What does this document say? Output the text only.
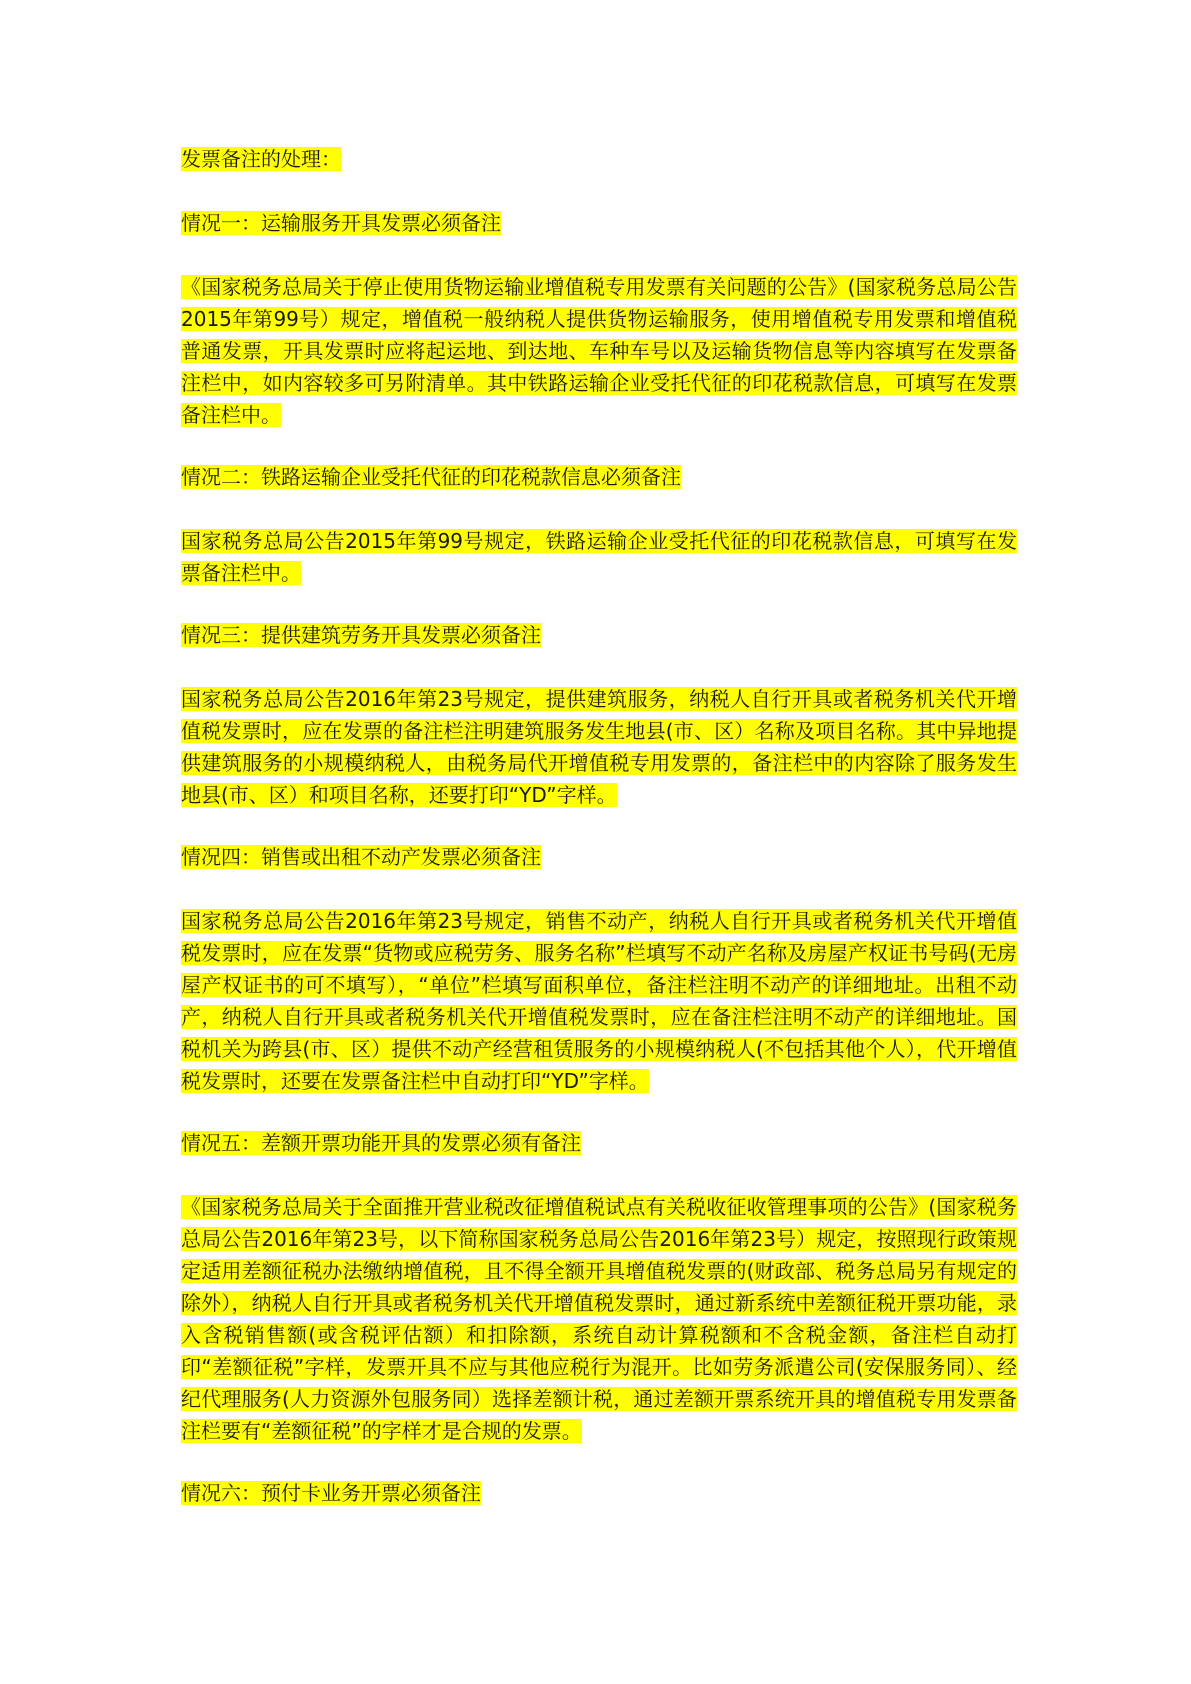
发票备注的处理：

情况一：运输服务开具发票必须备注

《国家税务总局关于停止使用货物运输业增值税专用发票有关问题的公告》(国家税务总局公告2015年第99号）规定，增值税一般纳税人提供货物运输服务，使用增值税专用发票和增值税普通发票，开具发票时应将起运地、到达地、车种车号以及运输货物信息等内容填写在发票备注栏中，如内容较多可另附清单。其中铁路运输企业受托代征的印花税款信息，可填写在发票备注栏中。

情况二：铁路运输企业受托代征的印花税款信息必须备注

国家税务总局公告2015年第99号规定，铁路运输企业受托代征的印花税款信息，可填写在发票备注栏中。

情况三：提供建筑劳务开具发票必须备注

国家税务总局公告2016年第23号规定，提供建筑服务，纳税人自行开具或者税务机关代开增值税发票时，应在发票的备注栏注明建筑服务发生地县(市、区）名称及项目名称。其中异地提供建筑服务的小规模纳税人，由税务局代开增值税专用发票的，备注栏中的内容除了服务发生地县(市、区）和项目名称，还要打印“YD”字样。

情况四：销售或出租不动产发票必须备注

国家税务总局公告2016年第23号规定，销售不动产，纳税人自行开具或者税务机关代开增值税发票时，应在发票“货物或应税劳务、服务名称”栏填写不动产名称及房屋产权证书号码(无房屋产权证书的可不填写），“单位”栏填写面积单位，备注栏注明不动产的详细地址。出租不动产，纳税人自行开具或者税务机关代开增值税发票时，应在备注栏注明不动产的详细地址。国税机关为跨县(市、区）提供不动产经营租赁服务的小规模纳税人(不包括其他个人），代开增值税发票时，还要在发票备注栏中自动打印“YD”字样。

情况五：差额开票功能开具的发票必须有备注

《国家税务总局关于全面推开营业税改征增值税试点有关税收征收管理事项的公告》(国家税务总局公告2016年第23号，以下简称国家税务总局公告2016年第23号）规定，按照现行政策规定适用差额征税办法缴纳增值税，且不得全额开具增值税发票的(财政部、税务总局另有规定的除外），纳税人自行开具或者税务机关代开增值税发票时，通过新系统中差额征税开票功能，录入含税销售额(或含税评估额）和扣除额，系统自动计算税额和不含税金额，备注栏自动打印“差额征税”字样，发票开具不应与其他应税行为混开。比如劳务派遣公司(安保服务同）、经纪代理服务(人力资源外包服务同）选择差额计税，通过差额开票系统开具的增值税专用发票备注栏要有“差额征税”的字样才是合规的发票。

情况六：预付卡业务开票必须备注
